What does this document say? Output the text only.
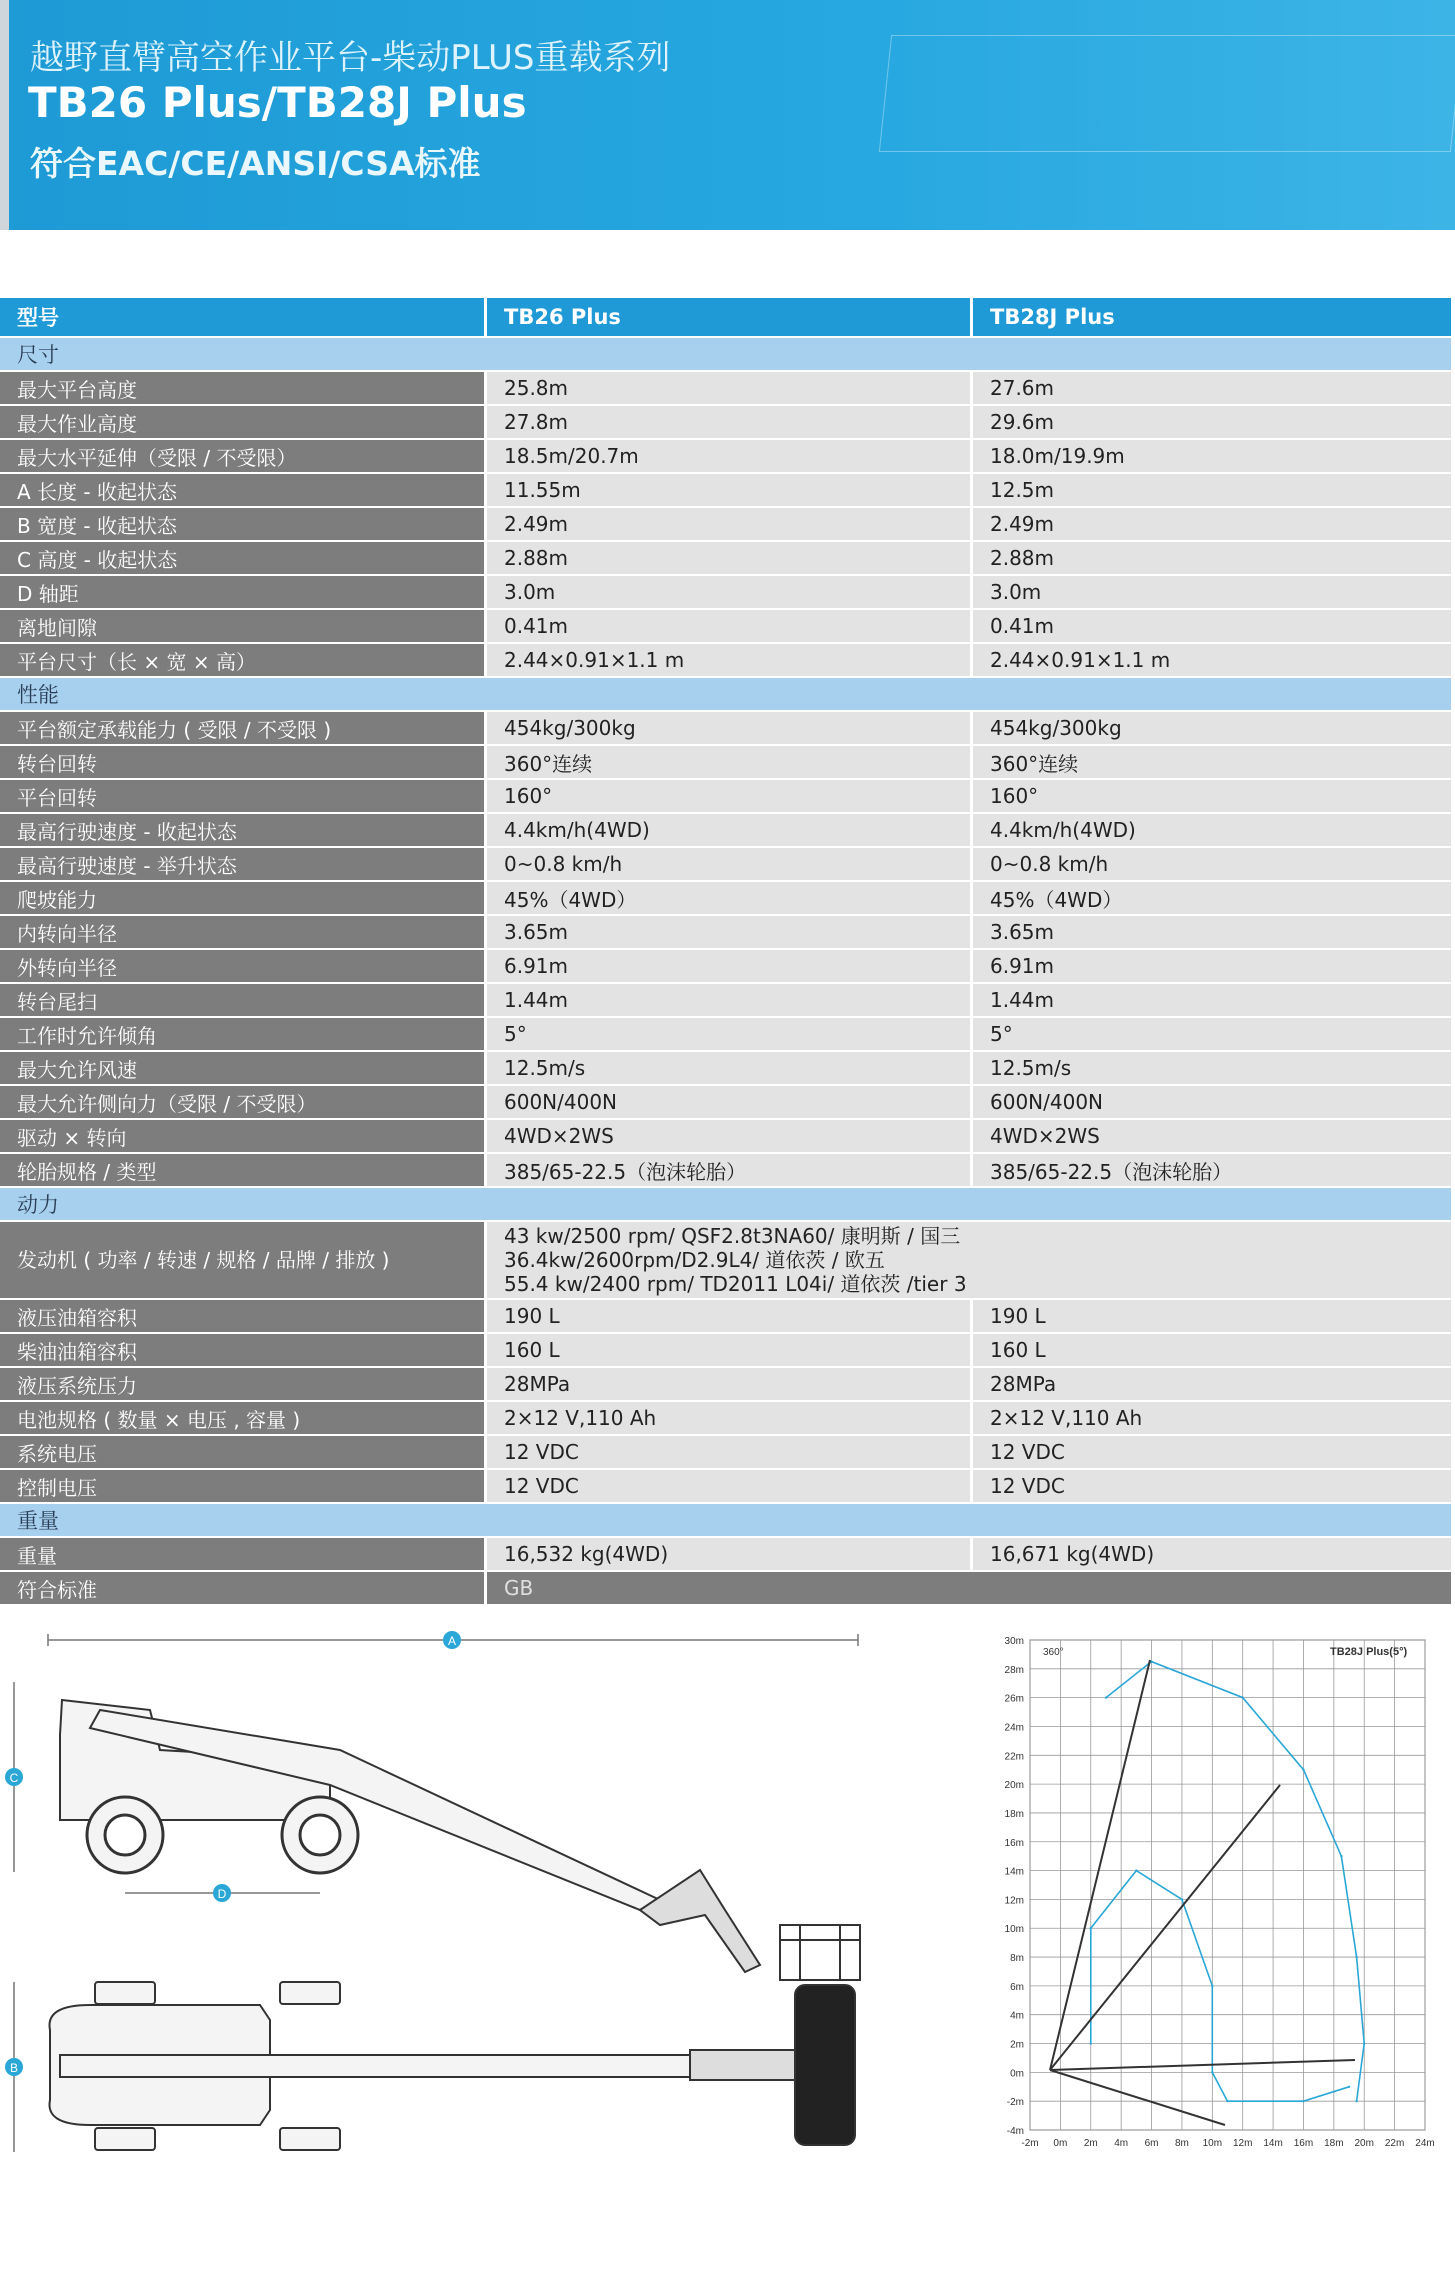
越野直臂高空作业平台-柴动PLUS重载系列
TB26 Plus/TB28J Plus
符合EAC/CE/ANSI/CSA标准
型号	TB26 Plus	TB28J Plus
尺寸		
最大平台高度	25.8m	27.6m
最大作业高度	27.8m	29.6m
最大水平延伸（受限 / 不受限）	18.5m/20.7m	18.0m/19.9m
A 长度 - 收起状态	11.55m	12.5m
B 宽度 - 收起状态	2.49m	2.49m
C 高度 - 收起状态	2.88m	2.88m
D 轴距	3.0m	3.0m
离地间隙	0.41m	0.41m
平台尺寸（长 × 宽 × 高）	2.44×0.91×1.1 m	2.44×0.91×1.1 m
性能		
平台额定承载能力 ( 受限 / 不受限 )	454kg/300kg	454kg/300kg
转台回转	360°连续	360°连续
平台回转	160°	160°
最高行驶速度 - 收起状态	4.4km/h(4WD)	4.4km/h(4WD)
最高行驶速度 - 举升状态	0~0.8 km/h	0~0.8 km/h
爬坡能力	45%（4WD）	45%（4WD）
内转向半径	3.65m	3.65m
外转向半径	6.91m	6.91m
转台尾扫	1.44m	1.44m
工作时允许倾角	5°	5°
最大允许风速	12.5m/s	12.5m/s
最大允许侧向力（受限 / 不受限）	600N/400N	600N/400N
驱动 × 转向	4WD×2WS	4WD×2WS
轮胎规格 / 类型	385/65-22.5（泡沫轮胎）	385/65-22.5（泡沫轮胎）
动力		
发动机 ( 功率 / 转速 / 规格 / 品牌 / 排放 )	43 kw/2500 rpm/ QSF2.8t3NA60/ 康明斯 / 国三
36.4kw/2600rpm/D2.9L4/ 道依茨 / 欧五
55.4 kw/2400 rpm/ TD2011 L04i/ 道依茨 /tier 3	

液压油箱容积	190 L	190 L
柴油油箱容积	160 L	160 L
液压系统压力	28MPa	28MPa
电池规格 ( 数量 × 电压 , 容量 )	2×12 V,110 Ah	2×12 V,110 Ah
系统电压	12 VDC	12 VDC
控制电压	12 VDC	12 VDC
重量		
重量	16,532 kg(4WD)	16,671 kg(4WD)
符合标准	GB	
A
C
D
B
30m
28m
26m
24m
22m
20m
18m
16m
14m
12m
10m
8m
6m
4m
2m
0m
-2m
-4m
-2m 0m 2m 4m 6m 8m 10m 12m 14m 16m 18m 20m 22m 24m
TB28J Plus(5°)
360°
